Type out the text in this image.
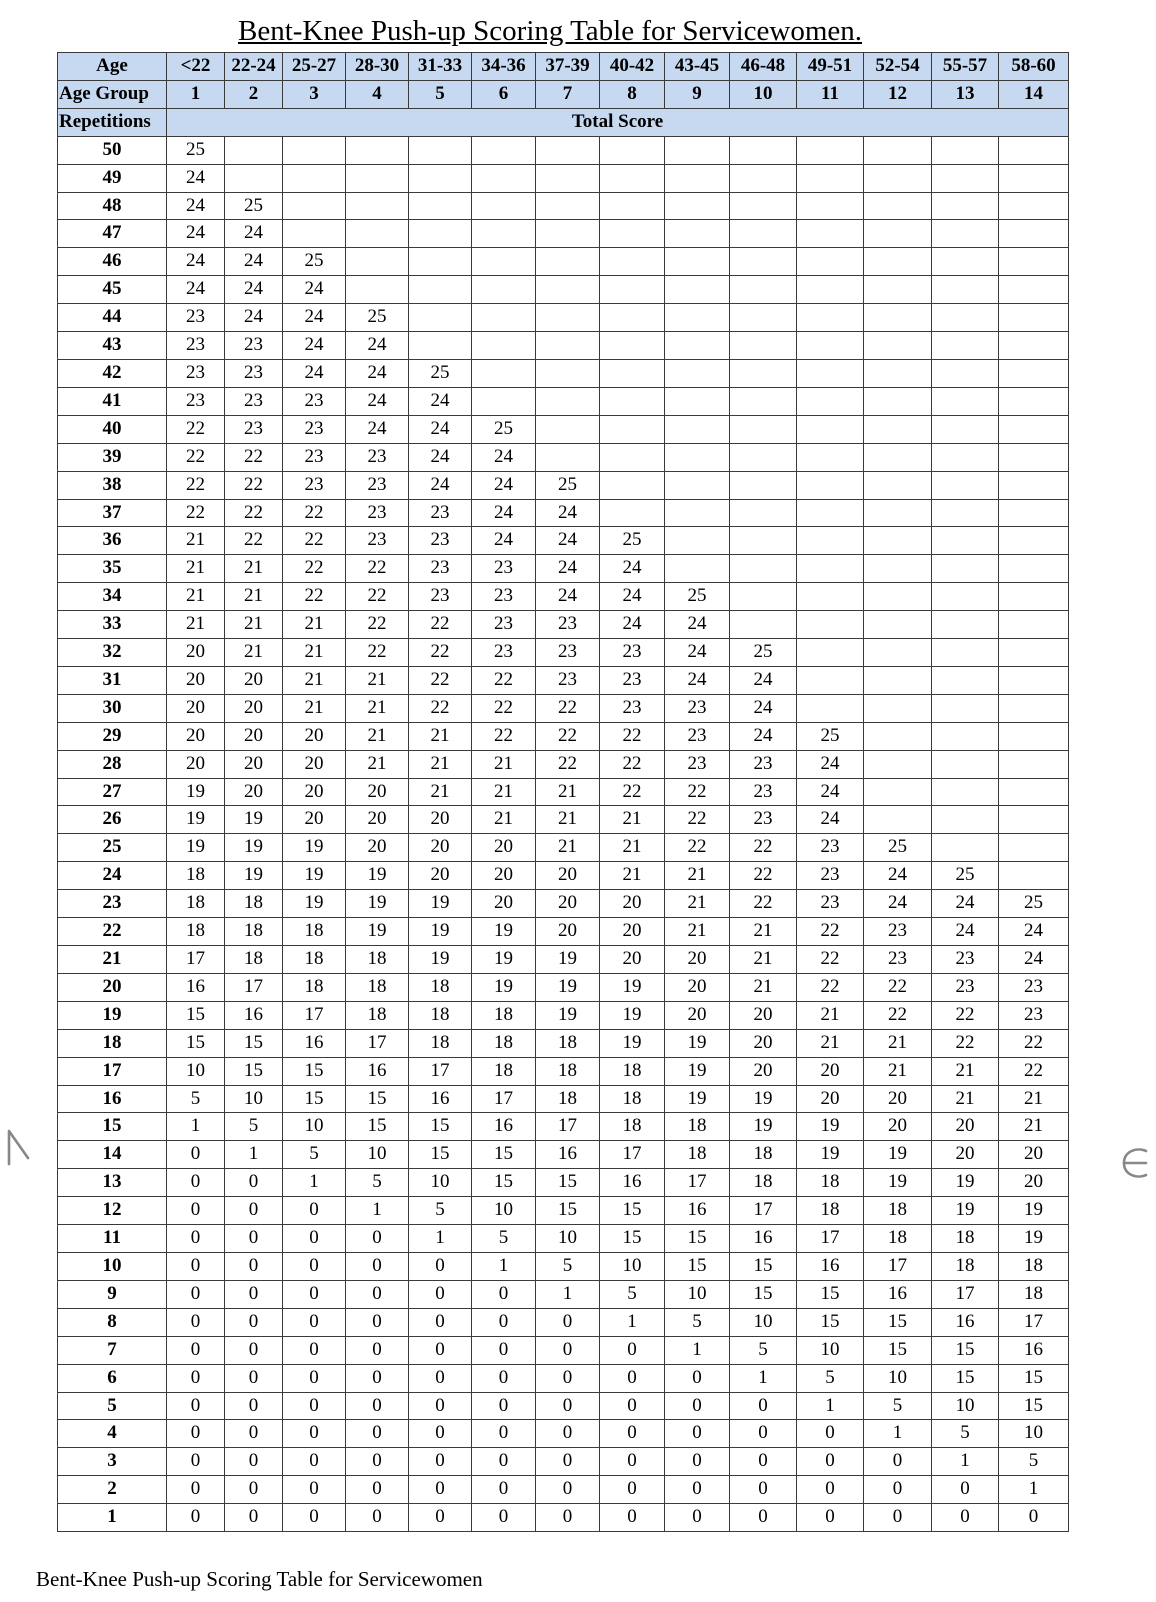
Bent-Knee Push-up Scoring Table for Servicewomen.
Age	<22	22-24	25-27	28-30	31-33	34-36	37-39	40-42	43-45	46-48	49-51	52-54	55-57	58-60
Age Group	1	2	3	4	5	6	7	8	9	10	11	12	13	14
Repetitions	Total Score													
50	25													
49	24													
48	24	25												
47	24	24												
46	24	24	25											
45	24	24	24											
44	23	24	24	25										
43	23	23	24	24										
42	23	23	24	24	25									
41	23	23	23	24	24									
40	22	23	23	24	24	25								
39	22	22	23	23	24	24								
38	22	22	23	23	24	24	25							
37	22	22	22	23	23	24	24							
36	21	22	22	23	23	24	24	25						
35	21	21	22	22	23	23	24	24						
34	21	21	22	22	23	23	24	24	25					
33	21	21	21	22	22	23	23	24	24					
32	20	21	21	22	22	23	23	23	24	25				
31	20	20	21	21	22	22	23	23	24	24				
30	20	20	21	21	22	22	22	23	23	24				
29	20	20	20	21	21	22	22	22	23	24	25			
28	20	20	20	21	21	21	22	22	23	23	24			
27	19	20	20	20	21	21	21	22	22	23	24			
26	19	19	20	20	20	21	21	21	22	23	24			
25	19	19	19	20	20	20	21	21	22	22	23	25		
24	18	19	19	19	20	20	20	21	21	22	23	24	25	
23	18	18	19	19	19	20	20	20	21	22	23	24	24	25
22	18	18	18	19	19	19	20	20	21	21	22	23	24	24
21	17	18	18	18	19	19	19	20	20	21	22	23	23	24
20	16	17	18	18	18	19	19	19	20	21	22	22	23	23
19	15	16	17	18	18	18	19	19	20	20	21	22	22	23
18	15	15	16	17	18	18	18	19	19	20	21	21	22	22
17	10	15	15	16	17	18	18	18	19	20	20	21	21	22
16	5	10	15	15	16	17	18	18	19	19	20	20	21	21
15	1	5	10	15	15	16	17	18	18	19	19	20	20	21
14	0	1	5	10	15	15	16	17	18	18	19	19	20	20
13	0	0	1	5	10	15	15	16	17	18	18	19	19	20
12	0	0	0	1	5	10	15	15	16	17	18	18	19	19
11	0	0	0	0	1	5	10	15	15	16	17	18	18	19
10	0	0	0	0	0	1	5	10	15	15	16	17	18	18
9	0	0	0	0	0	0	1	5	10	15	15	16	17	18
8	0	0	0	0	0	0	0	1	5	10	15	15	16	17
7	0	0	0	0	0	0	0	0	1	5	10	15	15	16
6	0	0	0	0	0	0	0	0	0	1	5	10	15	15
5	0	0	0	0	0	0	0	0	0	0	1	5	10	15
4	0	0	0	0	0	0	0	0	0	0	0	1	5	10
3	0	0	0	0	0	0	0	0	0	0	0	0	1	5
2	0	0	0	0	0	0	0	0	0	0	0	0	0	1
1	0	0	0	0	0	0	0	0	0	0	0	0	0	0
Bent-Knee Push-up Scoring Table for Servicewomen
